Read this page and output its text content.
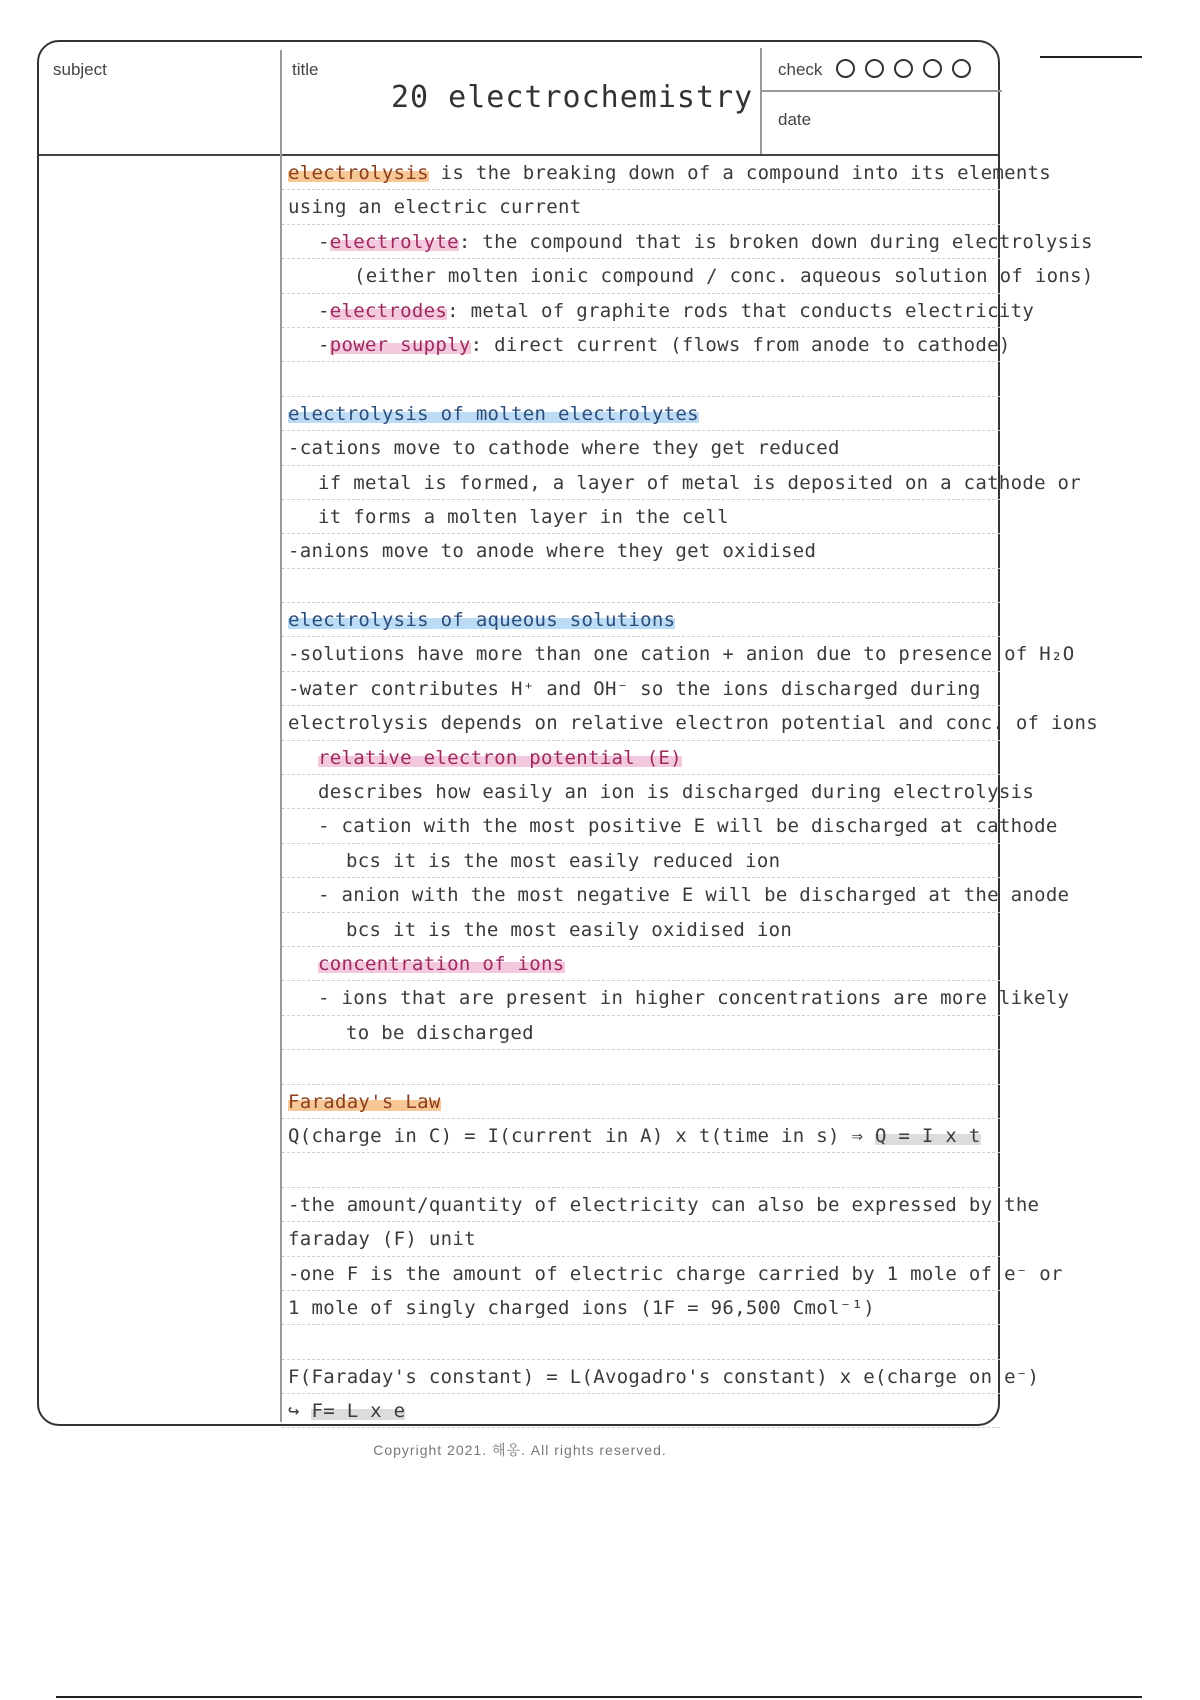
subject	title
20 electrochemistry
check
date
electrolysis is the breaking down of a compound into its elements
using an electric current
-electrolyte: the compound that is broken down during electrolysis
(either molten ionic compound / conc. aqueous solution of ions)
-electrodes: metal of graphite rods that conducts electricity
-power supply: direct current (flows from anode to cathode)
electrolysis of molten electrolytes
-cations move to cathode where they get reduced
if metal is formed, a layer of metal is deposited on a cathode or
it forms a molten layer in the cell
-anions move to anode where they get oxidised
electrolysis of aqueous solutions
-solutions have more than one cation + anion due to presence of H₂O
-water contributes H⁺ and OH⁻ so the ions discharged during
electrolysis depends on relative electron potential and conc. of ions
relative electron potential (E)
describes how easily an ion is discharged during electrolysis
- cation with the most positive E will be discharged at cathode
bcs it is the most easily reduced ion
- anion with the most negative E will be discharged at the anode
bcs it is the most easily oxidised ion
concentration of ions
- ions that are present in higher concentrations are more likely
to be discharged
Faraday's Law
Q(charge in C) = I(current in A) x t(time in s) ⇒ Q = I x t
-the amount/quantity of electricity can also be expressed by the
faraday (F) unit
-one F is the amount of electric charge carried by 1 mole of e⁻ or
1 mole of singly charged ions (1F = 96,500 Cmol⁻¹)
F(Faraday's constant) = L(Avogadro's constant) x e(charge on e⁻)
↪ F= L x e
Copyright 2021. 해옹. All rights reserved.
